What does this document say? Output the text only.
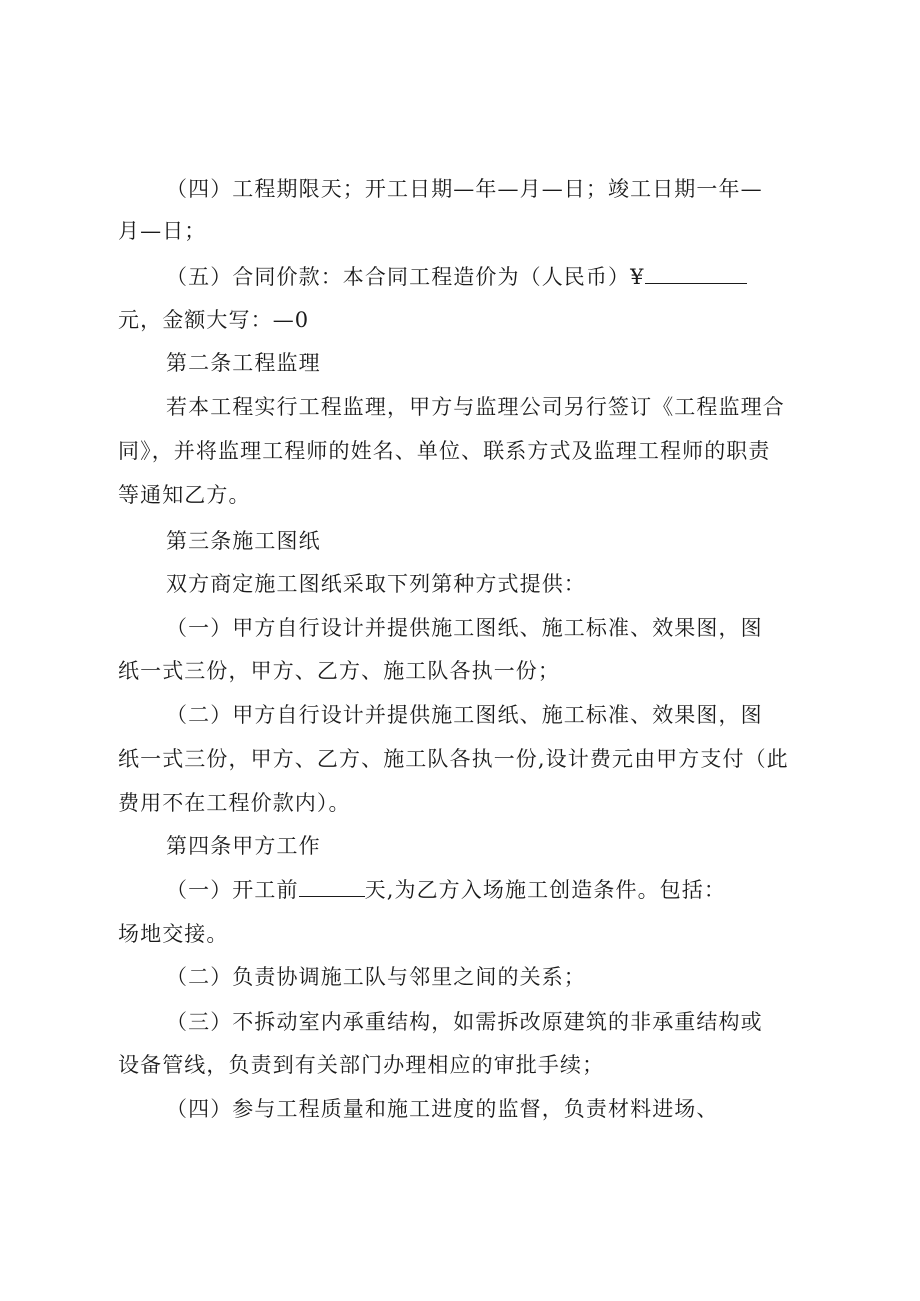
（四）工程期限天；开工日期—年—月—日；竣工日期一年—
月—日；
（五）合同价款：本合同工程造价为（人民币）¥
元，金额大写：—0
第二条工程监理
若本工程实行工程监理，甲方与监理公司另行签订《工程监理合
同》，并将监理工程师的姓名、单位、联系方式及监理工程师的职责
等通知乙方。
第三条施工图纸
双方商定施工图纸采取下列第种方式提供：
（一）甲方自行设计并提供施工图纸、施工标准、效果图，图
纸一式三份，甲方、乙方、施工队各执一份；
（二）甲方自行设计并提供施工图纸、施工标准、效果图，图
纸一式三份，甲方、乙方、施工队各执一份,设计费元由甲方支付（此
费用不在工程价款内）。
第四条甲方工作
（一）开工前	天,为乙方入场施工创造条件。包括：
场地交接。
（二）负责协调施工队与邻里之间的关系；
（三）不拆动室内承重结构，如需拆改原建筑的非承重结构或
设备管线，负责到有关部门办理相应的审批手续；
（四）参与工程质量和施工进度的监督，负责材料进场、
